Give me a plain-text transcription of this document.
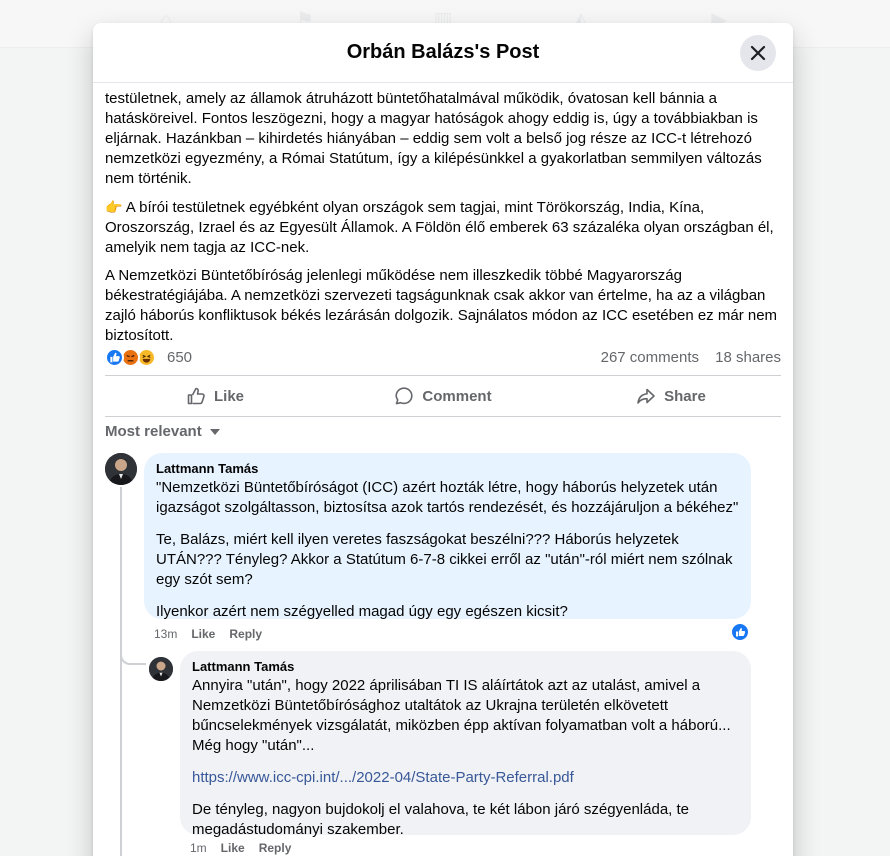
Orbán Balázs's Post

testületnek, amely az államok átruházott büntetőhatalmával működik, óvatosan kell bánnia a hatásköreivel. Fontos leszögezni, hogy a magyar hatóságok ahogy eddig is, úgy a továbbiakban is eljárnak. Hazánkban – kihirdetés hiányában – eddig sem volt a belső jog része az ICC-t létrehozó nemzetközi egyezmény, a Római Statútum, így a kilépésünkkel a gyakorlatban semmilyen változás nem történik.

👉 A bírói testületnek egyébként olyan országok sem tagjai, mint Törökország, India, Kína, Oroszország, Izrael és az Egyesült Államok. A Földön élő emberek 63 százaléka olyan országban él, amelyik nem tagja az ICC-nek.

A Nemzetközi Büntetőbíróság jelenlegi működése nem illeszkedik többé Magyarország békestratégiájába. A nemzetközi szervezeti tagságunknak csak akkor van értelme, ha az a világban zajló háborús konfliktusok békés lezárásán dolgozik. Sajnálatos módon az ICC esetében ez már nem biztosított.

650	267 comments 18 shares
Like	Comment	Share
Most relevant
Lattmann Tamás

"Nemzetközi Büntetőbíróságot (ICC) azért hozták létre, hogy háborús helyzetek után igazságot szolgáltasson, biztosítsa azok tartós rendezését, és hozzájáruljon a békéhez"

Te, Balázs, miért kell ilyen veretes faszságokat beszélni??? Háborús helyzetek UTÁN??? Tényleg? Akkor a Statútum 6-7-8 cikkei erről az "után"-ról miért nem szólnak egy szót sem?

Ilyenkor azért nem szégyelled magad úgy egy egészen kicsit?

13m Like Reply
Lattmann Tamás

Annyira "után", hogy 2022 áprilisában TI IS aláírtátok azt az utalást, amivel a Nemzetközi Büntetőbírósághoz utaltátok az Ukrajna területén elkövetett bűncselekmények vizsgálatát, miközben épp aktívan folyamatban volt a háború... Még hogy "után"...

https://www.icc-cpi.int/.../2022-04/State-Party-Referral.pdf

De tényleg, nagyon bujdokolj el valahova, te két lábon járó szégyenláda, te megadástudományi szakember.

1m Like Reply
